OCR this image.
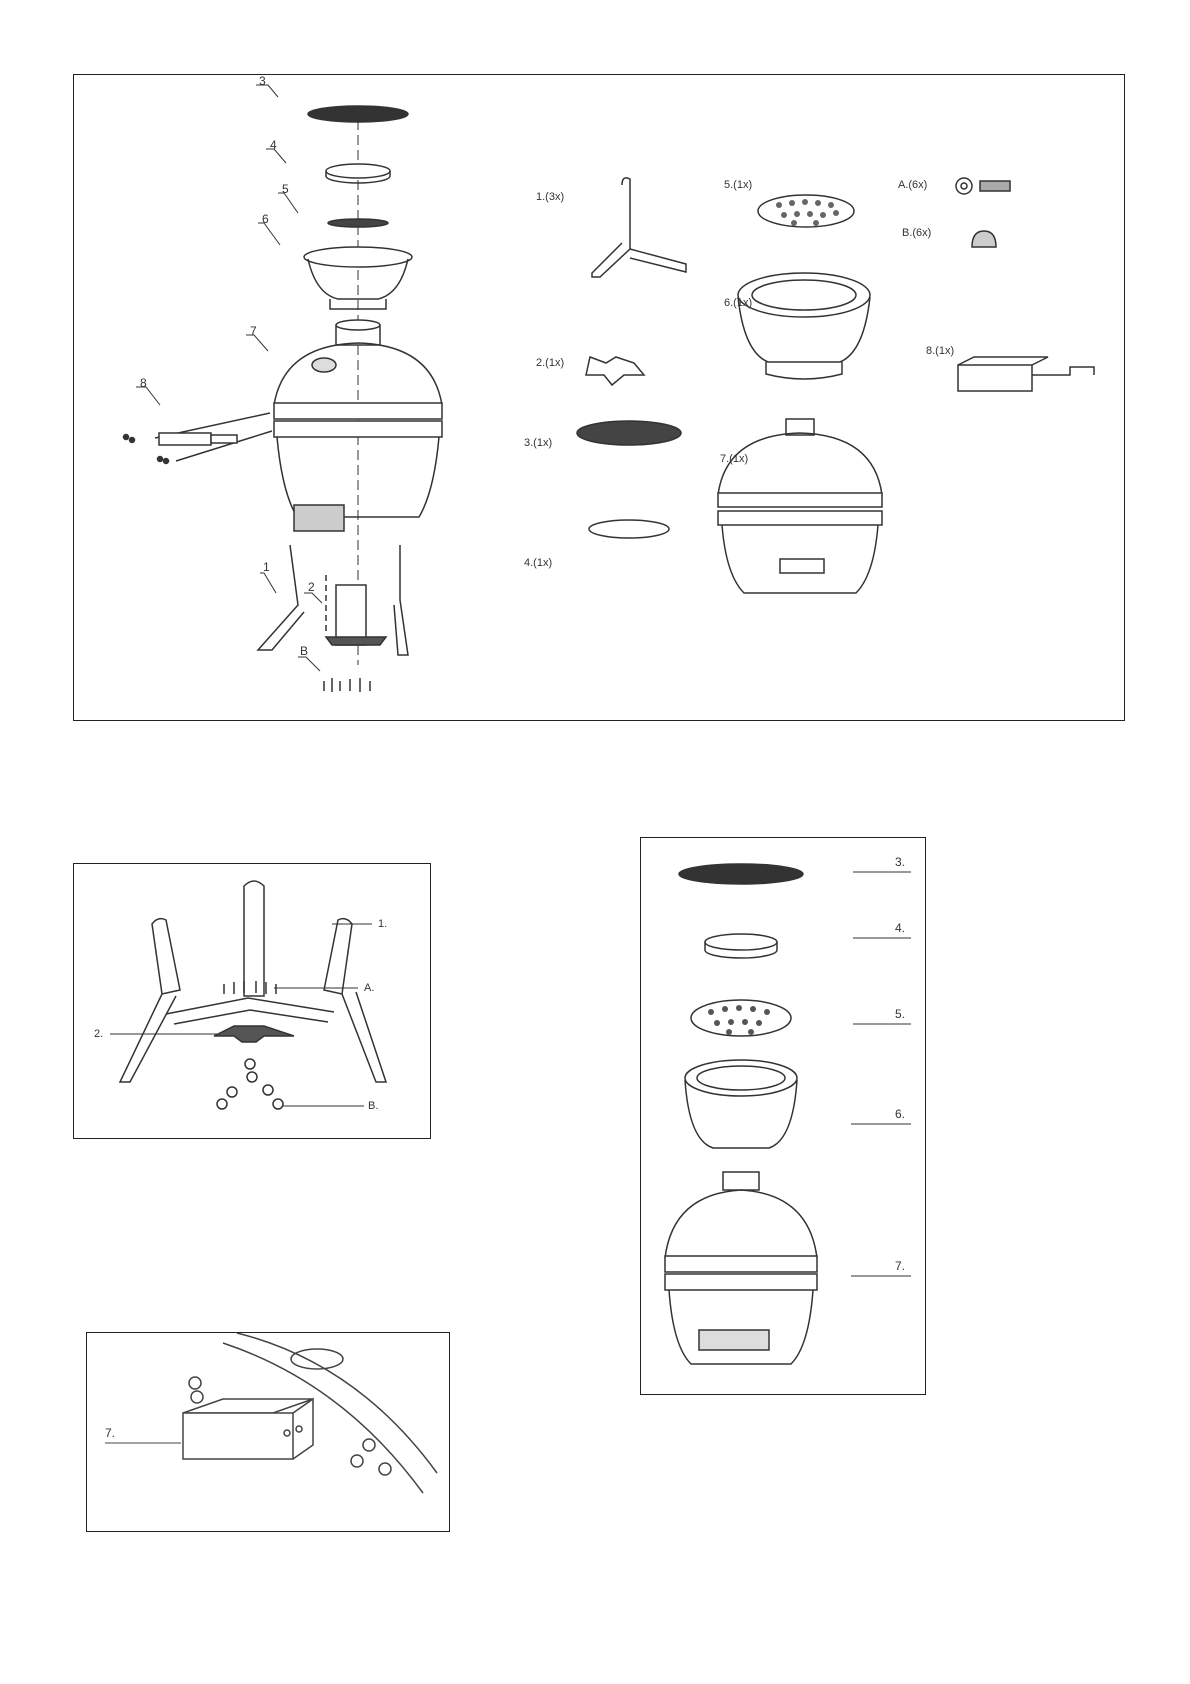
3
4
5
6
7
8
1
2
B
1.(3x)
2.(1x)
3.(1x)
4.(1x)
5.(1x)
6.(1x)
7.(1x)
8.(1x)
A.(6x)
B.(6x)
1.
A.
2.
B.
7.
3.
4.
5.
6.
7.
